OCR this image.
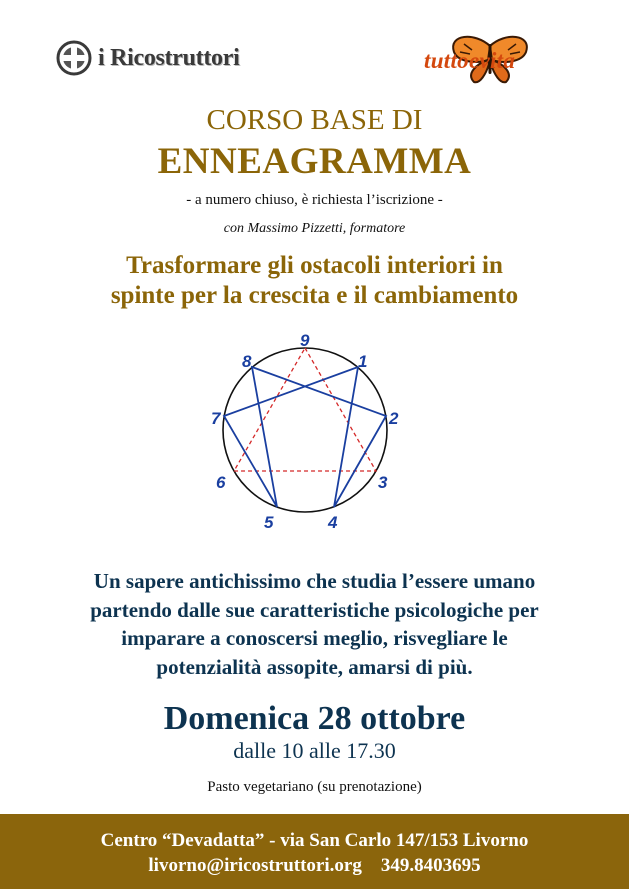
i Ricostruttori	tuttoevita
CORSO BASE DI
ENNEAGRAMMA
- a numero chiuso, è richiesta l’iscrizione -
con Massimo Pizzetti, formatore
Trasformare gli ostacoli interiori in
spinte per la crescita e il cambiamento
9
1
2
3
4
5
6
7
8
Un sapere antichissimo che studia l’essere umano
partendo dalle sue caratteristiche psicologiche per
imparare a conoscersi meglio, risvegliare le
potenzialità assopite, amarsi di più.
Domenica 28 ottobre
dalle 10 alle 17.30
Pasto vegetariano (su prenotazione)
Centro “Devadatta” - via San Carlo 147/153 Livorno
livorno@iricostruttori.org 349.8403695
